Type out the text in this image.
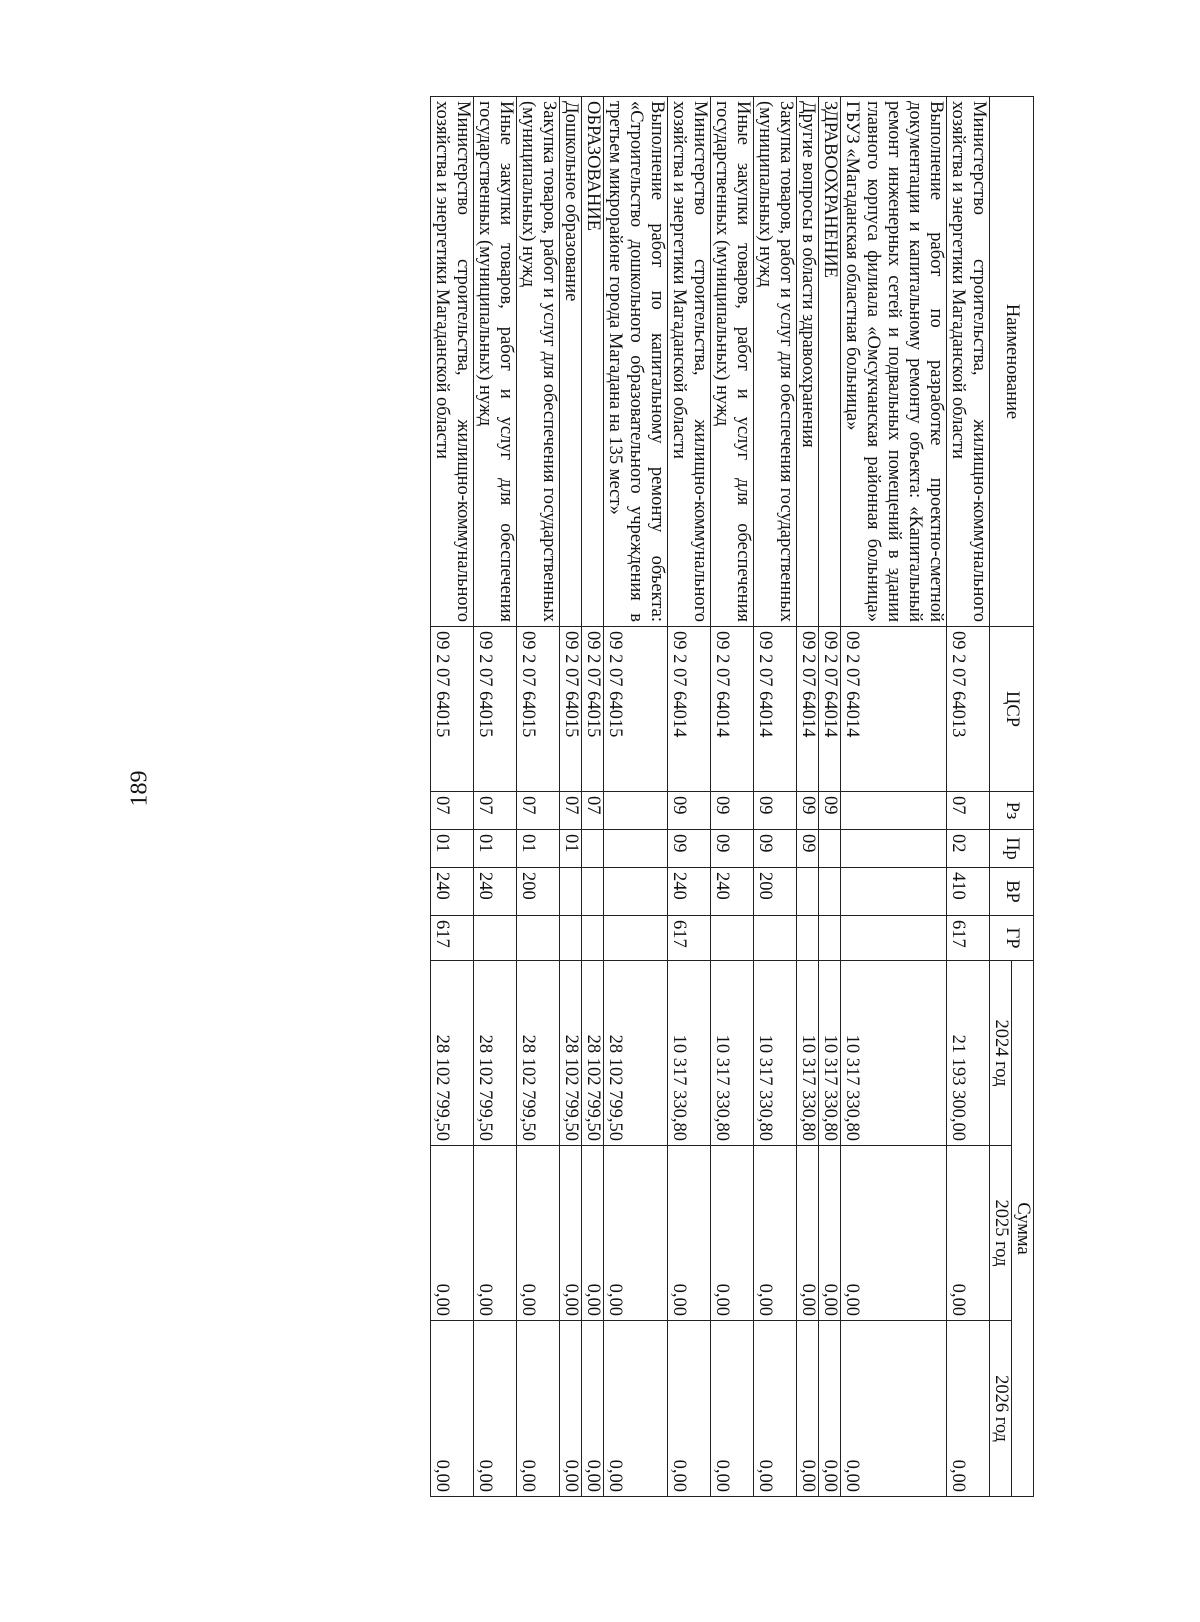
189
Наименование	ЦСР	Рз	Пр	ВР	ГР	Сумма		
						2024 год	2025 год	2026 год
Министерство строительства, жилищно-коммунального хозяйства и энергетики Магаданской области	09 2 07 64013	07	02	410	617	21 193 300,00	0,00	0,00
Выполнение работ по разработке проектно-сметной документации и капитальному ремонту объекта: «Капитальный ремонт инженерных сетей и подвальных помещений в здании главного корпуса филиала «Омсукчанская районная больница» ГБУЗ «Магаданская областная больница»	09 2 07 64014					10 317 330,80	0,00	0,00
ЗДРАВООХРАНЕНИЕ	09 2 07 64014	09				10 317 330,80	0,00	0,00
Другие вопросы в области здравоохранения	09 2 07 64014	09	09			10 317 330,80	0,00	0,00
Закупка товаров, работ и услуг для обеспечения государственных (муниципальных) нужд	09 2 07 64014	09	09	200		10 317 330,80	0,00	0,00
Иные закупки товаров, работ и услуг для обеспечения государственных (муниципальных) нужд	09 2 07 64014	09	09	240		10 317 330,80	0,00	0,00
Министерство строительства, жилищно-коммунального хозяйства и энергетики Магаданской области	09 2 07 64014	09	09	240	617	10 317 330,80	0,00	0,00
Выполнение работ по капитальному ремонту объекта: «Строительство дошкольного образовательного учреждения в третьем микрорайоне города Магадана на 135 мест»	09 2 07 64015					28 102 799,50	0,00	0,00
ОБРАЗОВАНИЕ	09 2 07 64015	07				28 102 799,50	0,00	0,00
Дошкольное образование	09 2 07 64015	07	01			28 102 799,50	0,00	0,00
Закупка товаров, работ и услуг для обеспечения государственных (муниципальных) нужд	09 2 07 64015	07	01	200		28 102 799,50	0,00	0,00
Иные закупки товаров, работ и услуг для обеспечения государственных (муниципальных) нужд	09 2 07 64015	07	01	240		28 102 799,50	0,00	0,00
Министерство строительства, жилищно-коммунального хозяйства и энергетики Магаданской области	09 2 07 64015	07	01	240	617	28 102 799,50	0,00	0,00
